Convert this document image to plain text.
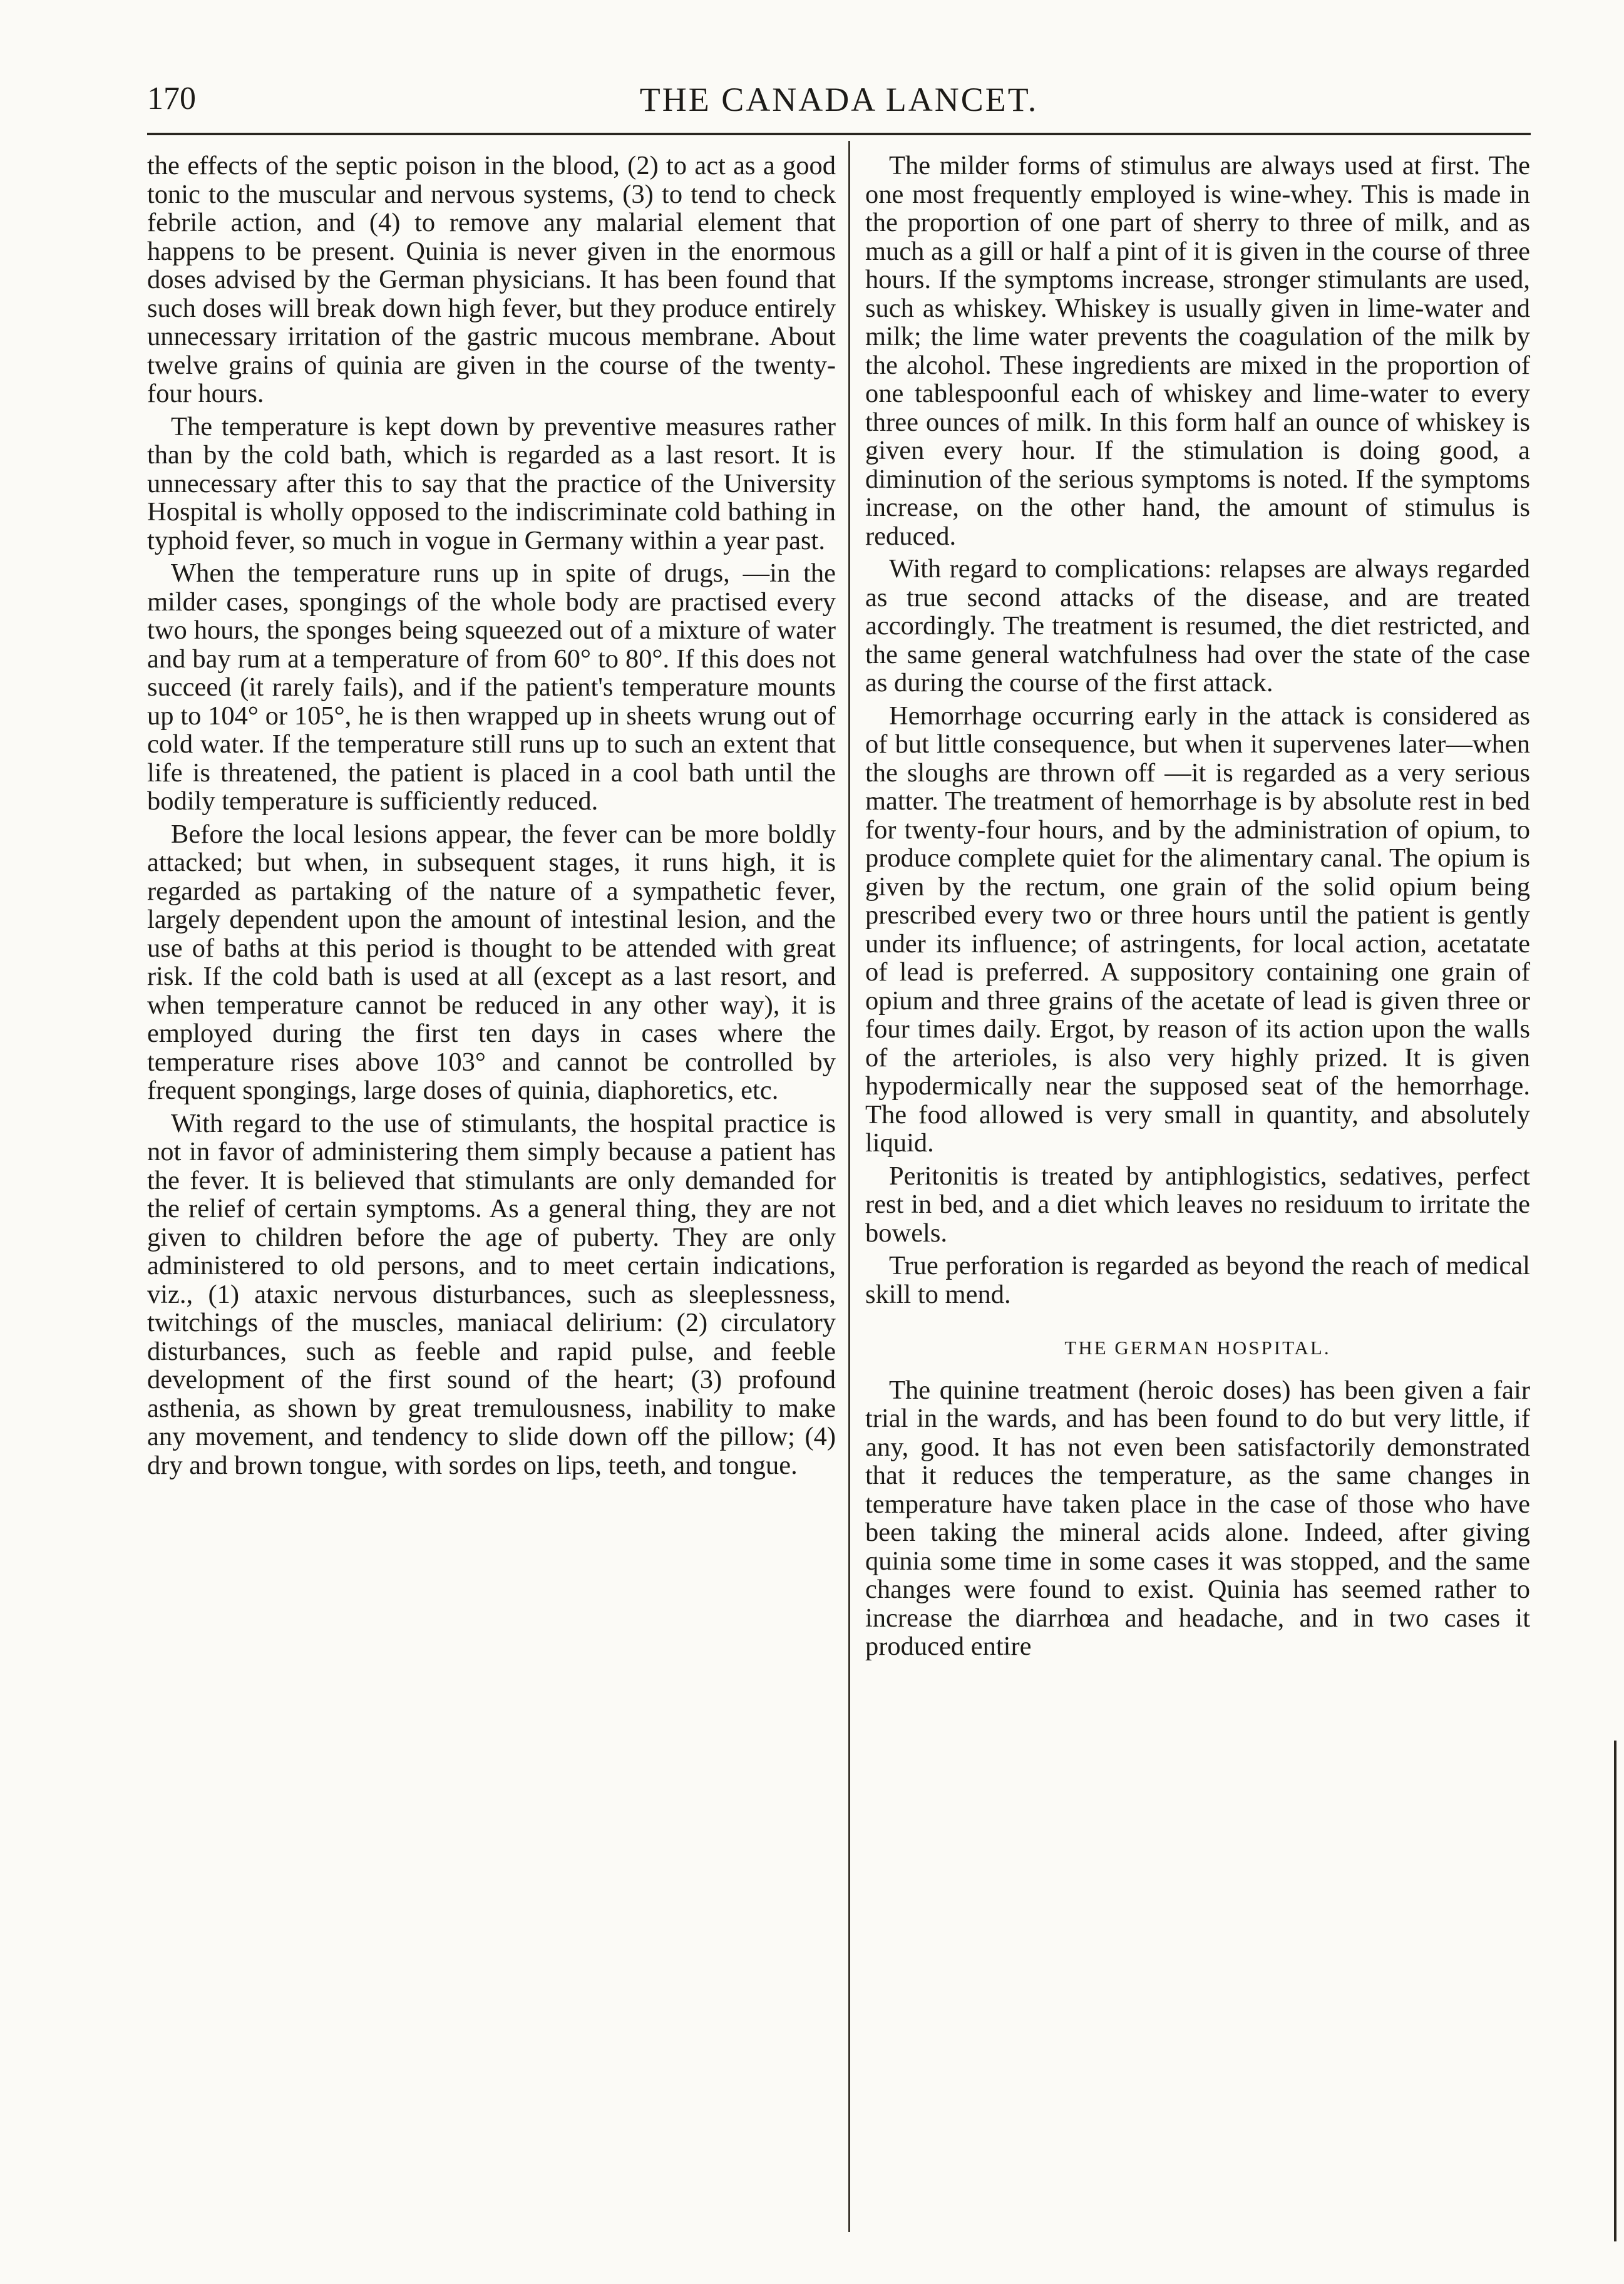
170	THE CANADA LANCET.

the effects of the septic poison in the blood, (2) to act as a good tonic to the muscular and nervous systems, (3) to tend to check febrile action, and (4) to remove any malarial element that happens to be present. Quinia is never given in the enormous doses advised by the German physicians. It has been found that such doses will break down high fever, but they produce entirely unnecessary irritation of the gastric mucous membrane. About twelve grains of quinia are given in the course of the twenty-four hours.

The temperature is kept down by preventive measures rather than by the cold bath, which is regarded as a last resort. It is unnecessary after this to say that the practice of the University Hospital is wholly opposed to the indiscriminate cold bathing in typhoid fever, so much in vogue in Germany within a year past.

When the temperature runs up in spite of drugs, —in the milder cases, spongings of the whole body are practised every two hours, the sponges being squeezed out of a mixture of water and bay rum at a temperature of from 60° to 80°. If this does not succeed (it rarely fails), and if the patient's temperature mounts up to 104° or 105°, he is then wrapped up in sheets wrung out of cold water. If the temperature still runs up to such an extent that life is threatened, the patient is placed in a cool bath until the bodily temperature is sufficiently reduced.

Before the local lesions appear, the fever can be more boldly attacked; but when, in subsequent stages, it runs high, it is regarded as partaking of the nature of a sympathetic fever, largely dependent upon the amount of intestinal lesion, and the use of baths at this period is thought to be attended with great risk. If the cold bath is used at all (except as a last resort, and when temperature cannot be reduced in any other way), it is employed during the first ten days in cases where the temperature rises above 103° and cannot be controlled by frequent spongings, large doses of quinia, diaphoretics, etc.

With regard to the use of stimulants, the hospital practice is not in favor of administering them simply because a patient has the fever. It is believed that stimulants are only demanded for the relief of certain symptoms. As a general thing, they are not given to children before the age of puberty. They are only administered to old persons, and to meet certain indications, viz., (1) ataxic nervous disturbances, such as sleeplessness, twitchings of the muscles, maniacal delirium: (2) circulatory disturbances, such as feeble and rapid pulse, and feeble development of the first sound of the heart; (3) profound asthenia, as shown by great tremulousness, inability to make any movement, and tendency to slide down off the pillow; (4) dry and brown tongue, with sordes on lips, teeth, and tongue.

The milder forms of stimulus are always used at first. The one most frequently employed is wine-whey. This is made in the proportion of one part of sherry to three of milk, and as much as a gill or half a pint of it is given in the course of three hours. If the symptoms increase, stronger stimulants are used, such as whiskey. Whiskey is usually given in lime-water and milk; the lime water prevents the coagulation of the milk by the alcohol. These ingredients are mixed in the proportion of one tablespoonful each of whiskey and lime-water to every three ounces of milk. In this form half an ounce of whiskey is given every hour. If the stimulation is doing good, a diminution of the serious symptoms is noted. If the symptoms increase, on the other hand, the amount of stimulus is reduced.

With regard to complications: relapses are always regarded as true second attacks of the disease, and are treated accordingly. The treatment is resumed, the diet restricted, and the same general watchfulness had over the state of the case as during the course of the first attack.

Hemorrhage occurring early in the attack is considered as of but little consequence, but when it supervenes later—when the sloughs are thrown off —it is regarded as a very serious matter. The treatment of hemorrhage is by absolute rest in bed for twenty-four hours, and by the administration of opium, to produce complete quiet for the alimentary canal. The opium is given by the rectum, one grain of the solid opium being prescribed every two or three hours until the patient is gently under its influence; of astringents, for local action, acetatate of lead is preferred. A suppository containing one grain of opium and three grains of the acetate of lead is given three or four times daily. Ergot, by reason of its action upon the walls of the arterioles, is also very highly prized. It is given hypodermically near the supposed seat of the hemorrhage. The food allowed is very small in quantity, and absolutely liquid.

Peritonitis is treated by antiphlogistics, sedatives, perfect rest in bed, and a diet which leaves no residuum to irritate the bowels.

True perforation is regarded as beyond the reach of medical skill to mend.

THE GERMAN HOSPITAL.

The quinine treatment (heroic doses) has been given a fair trial in the wards, and has been found to do but very little, if any, good. It has not even been satisfactorily demonstrated that it reduces the temperature, as the same changes in temperature have taken place in the case of those who have been taking the mineral acids alone. Indeed, after giving quinia some time in some cases it was stopped, and the same changes were found to exist. Quinia has seemed rather to increase the diarrhœa and headache, and in two cases it produced entire
